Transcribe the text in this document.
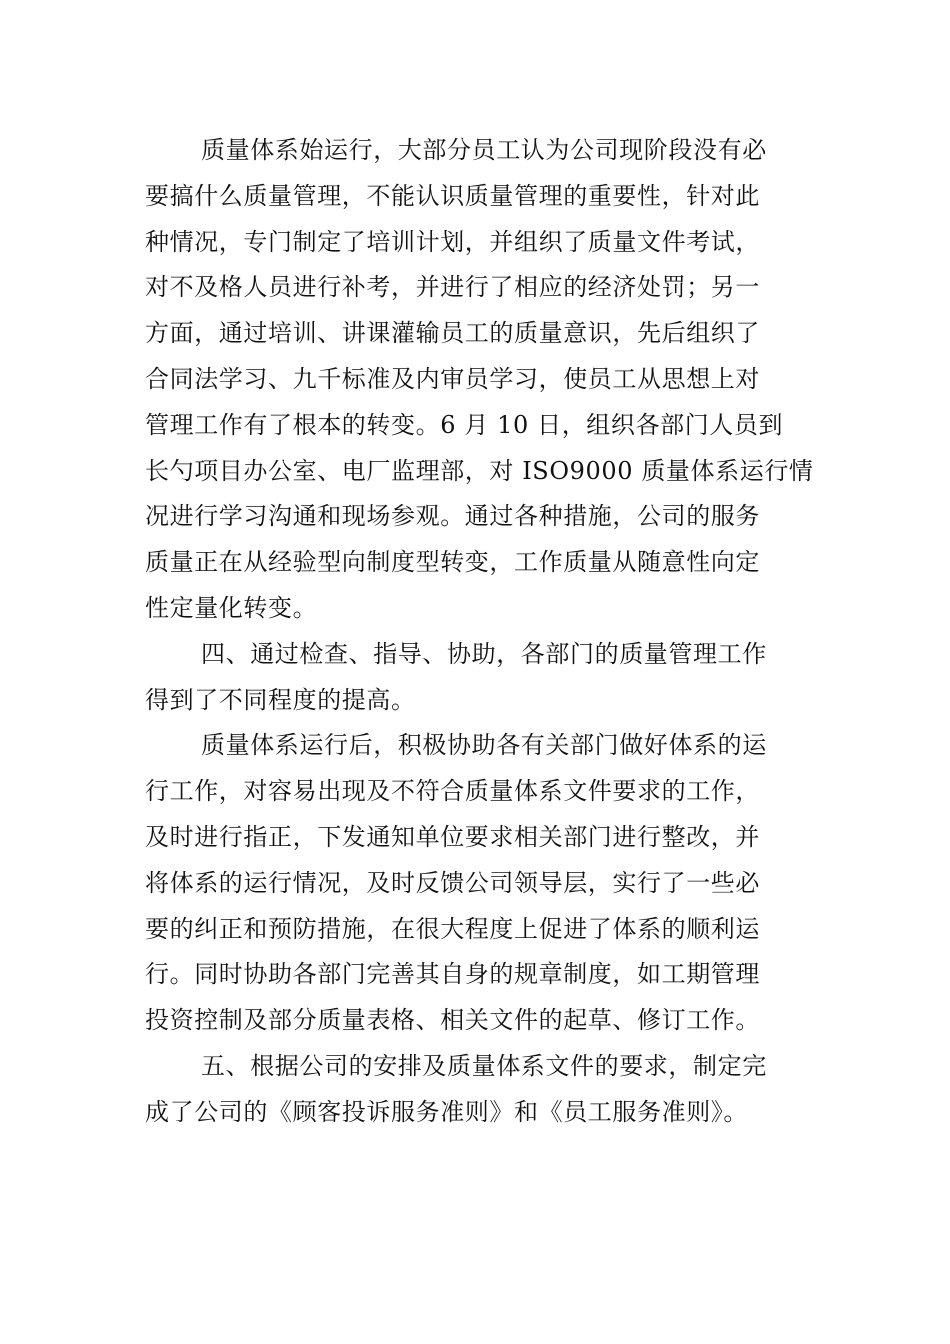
质量体系始运行，大部分员工认为公司现阶段没有必
要搞什么质量管理，不能认识质量管理的重要性，针对此
种情况，专门制定了培训计划，并组织了质量文件考试，
对不及格人员进行补考，并进行了相应的经济处罚；另一
方面，通过培训、讲课灌输员工的质量意识，先后组织了
合同法学习、九千标准及内审员学习，使员工从思想上对
管理工作有了根本的转变。6 月 10 日，组织各部门人员到
长勺项目办公室、电厂监理部，对 ISO9000 质量体系运行情
况进行学习沟通和现场参观。通过各种措施，公司的服务
质量正在从经验型向制度型转变，工作质量从随意性向定
性定量化转变。

四、通过检查、指导、协助，各部门的质量管理工作
得到了不同程度的提高。

质量体系运行后，积极协助各有关部门做好体系的运
行工作，对容易出现及不符合质量体系文件要求的工作，
及时进行指正，下发通知单位要求相关部门进行整改，并
将体系的运行情况，及时反馈公司领导层，实行了一些必
要的纠正和预防措施，在很大程度上促进了体系的顺利运
行。同时协助各部门完善其自身的规章制度，如工期管理
投资控制及部分质量表格、相关文件的起草、修订工作。

五、根据公司的安排及质量体系文件的要求，制定完
成了公司的《顾客投诉服务准则》和《员工服务准则》。
